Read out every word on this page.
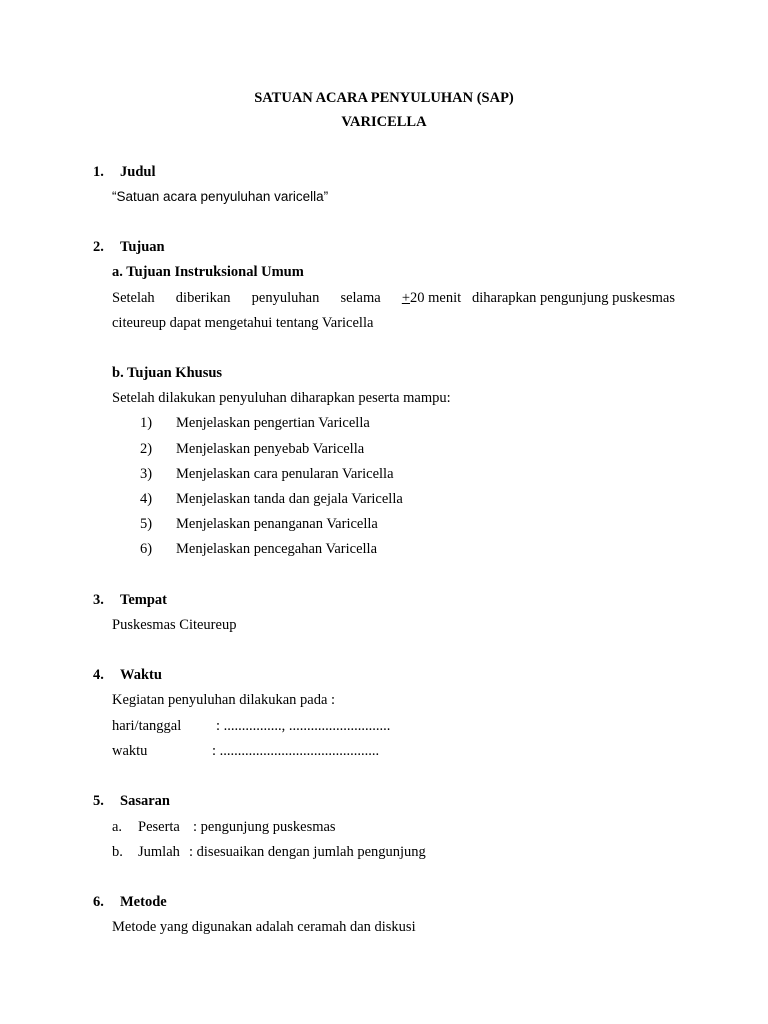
SATUAN ACARA PENYULUHAN (SAP)
VARICELLA
1. Judul
“Satuan acara penyuluhan varicella”
2. Tujuan
a. Tujuan Instruksional Umum
Setelah diberikan penyuluhan selama +20 menit   diharapkan pengunjung puskesmas
citeureup dapat mengetahui tentang Varicella
b. Tujuan Khusus
Setelah dilakukan penyuluhan diharapkan peserta mampu:
1) Menjelaskan pengertian Varicella
2) Menjelaskan penyebab Varicella
3) Menjelaskan cara penularan Varicella
4) Menjelaskan tanda dan gejala Varicella
5) Menjelaskan penanganan Varicella
6) Menjelaskan pencegahan Varicella
3. Tempat
Puskesmas Citeureup
4. Waktu
Kegiatan penyuluhan dilakukan pada :
hari/tanggal : ................, ............................
waktu	: ............................................
5. Sasaran
a. Peserta : pengunjung puskesmas
b. Jumlah : disesuaikan dengan jumlah pengunjung
6. Metode
Metode yang digunakan adalah ceramah dan diskusi
